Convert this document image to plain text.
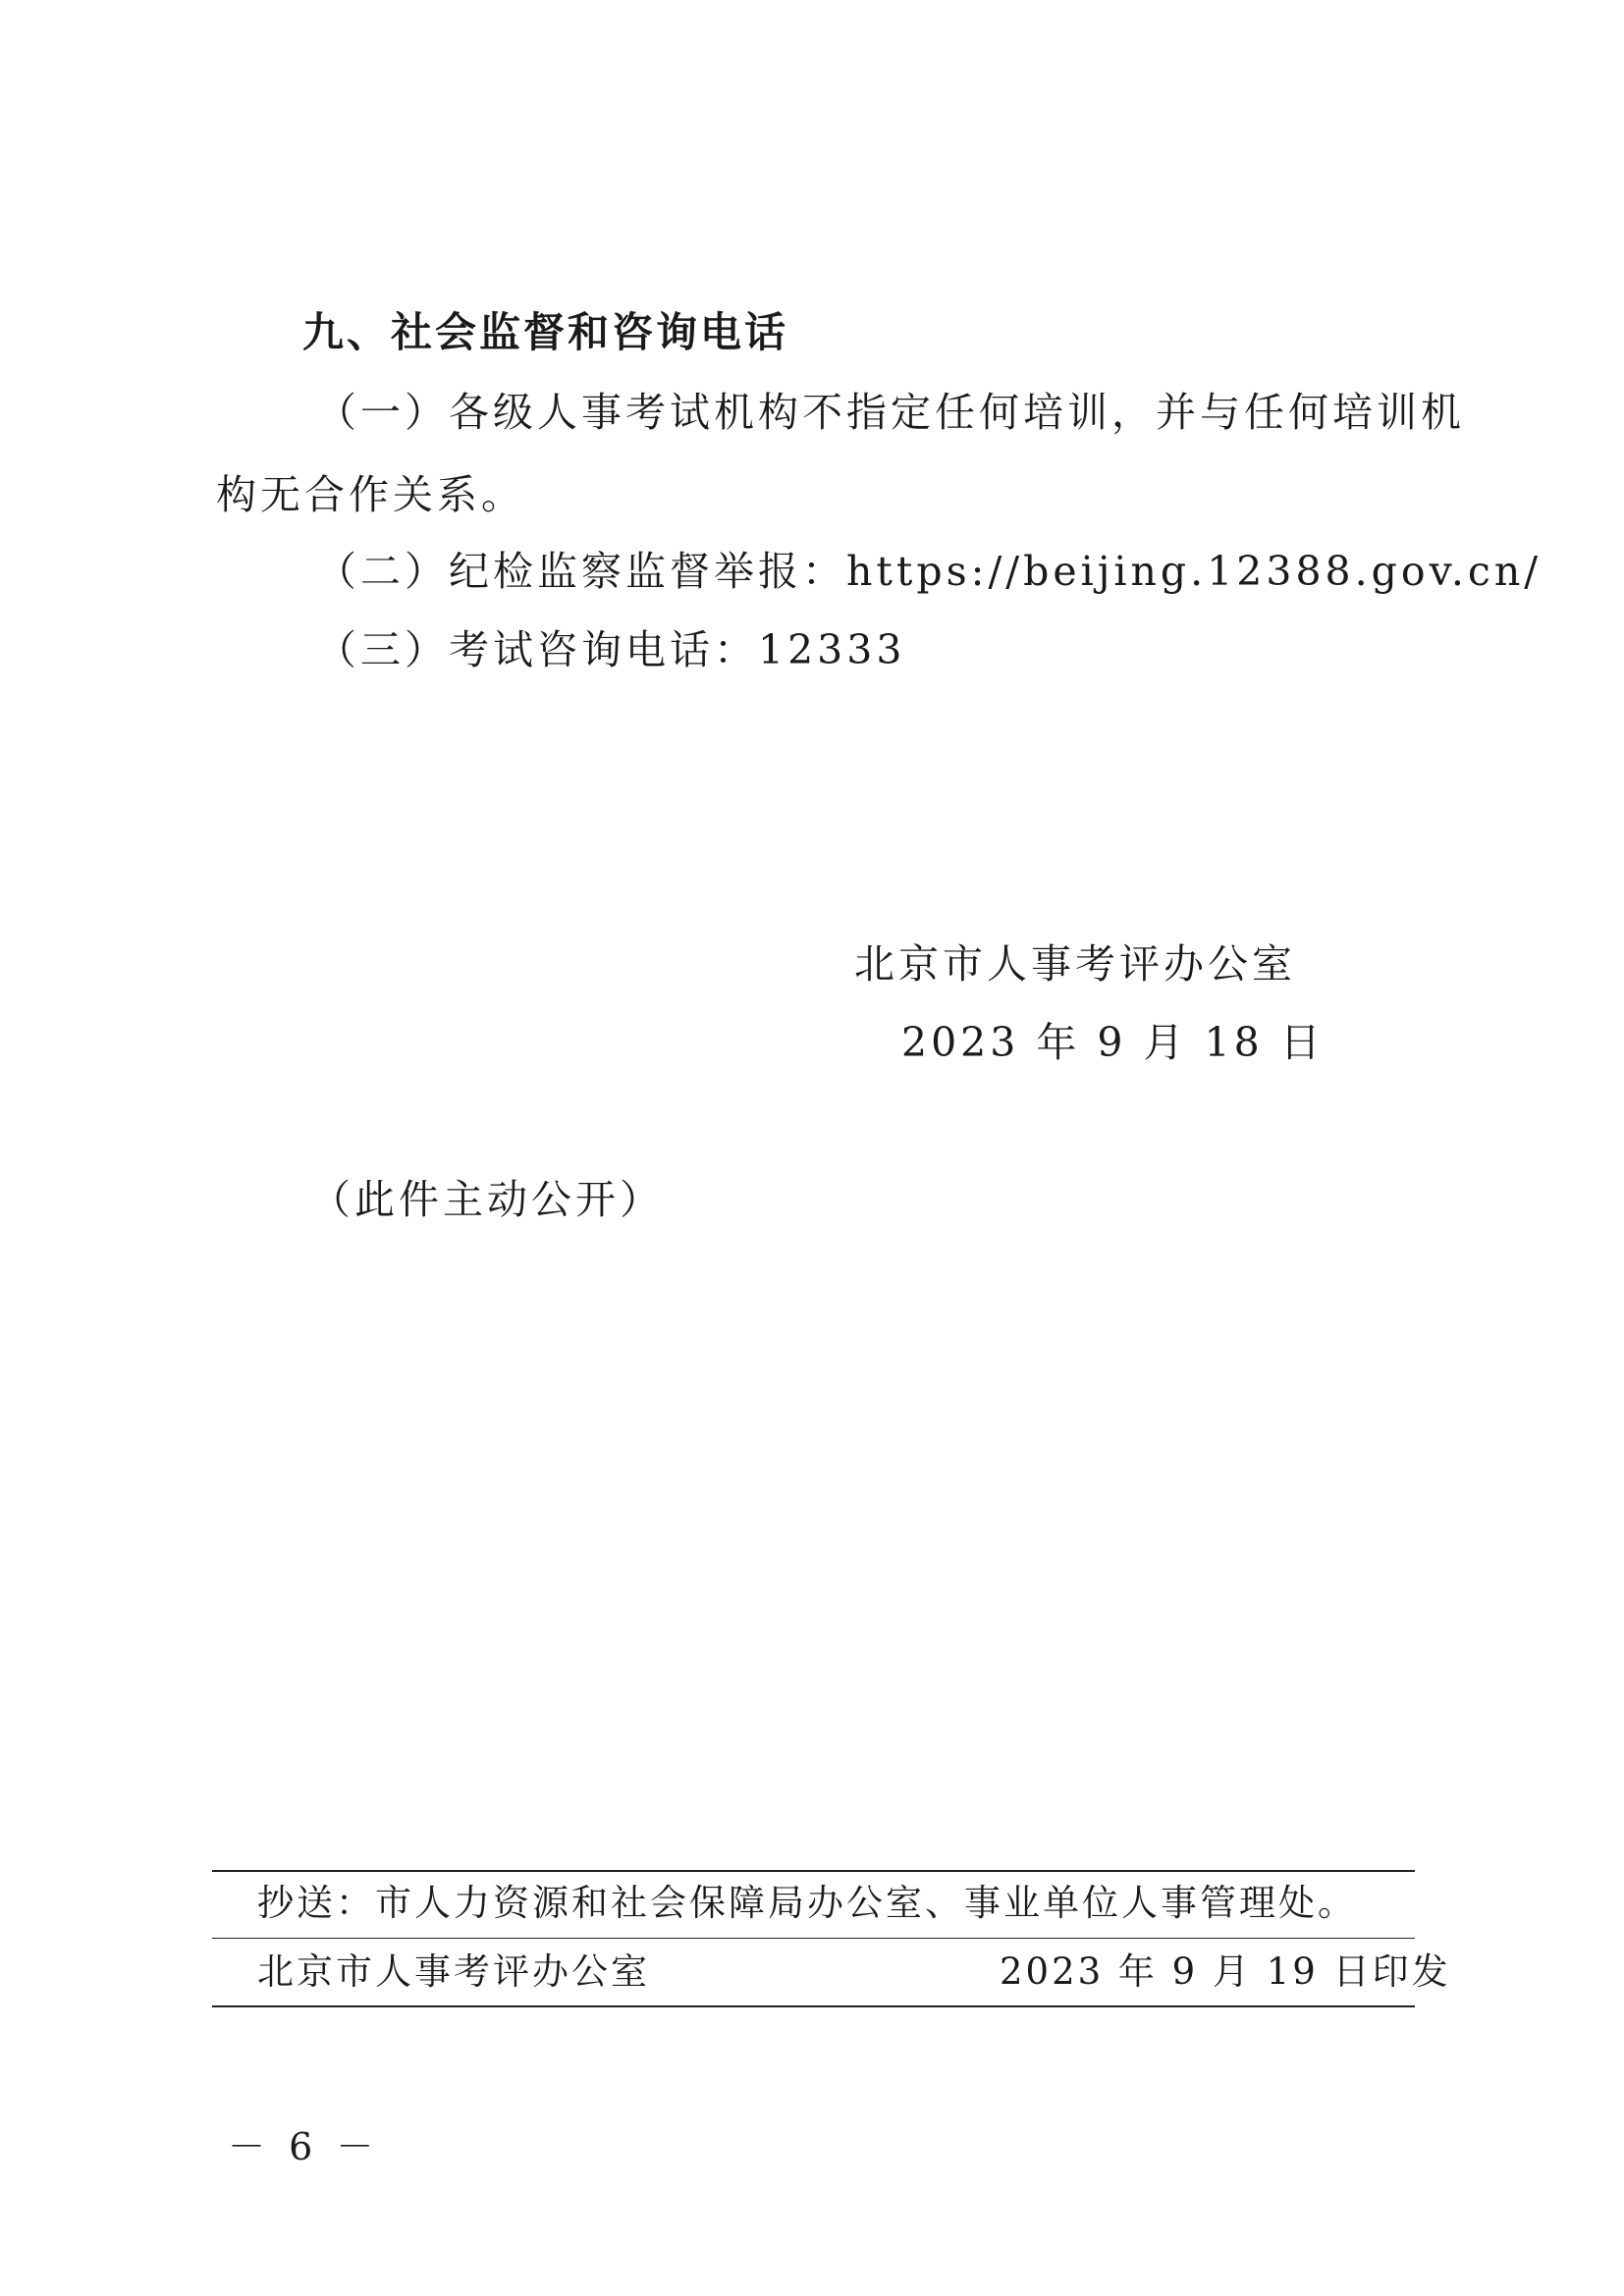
九、社会监督和咨询电话
（一）各级人事考试机构不指定任何培训，并与任何培训机
构无合作关系。
（二）纪检监察监督举报：https://beijing.12388.gov.cn/
（三）考试咨询电话：12333
北京市人事考评办公室
2023 年 9 月 18 日
（此件主动公开）
抄送：市人力资源和社会保障局办公室、事业单位人事管理处。
北京市人事考评办公室	2023 年 9 月 19 日印发
－ 6 －
